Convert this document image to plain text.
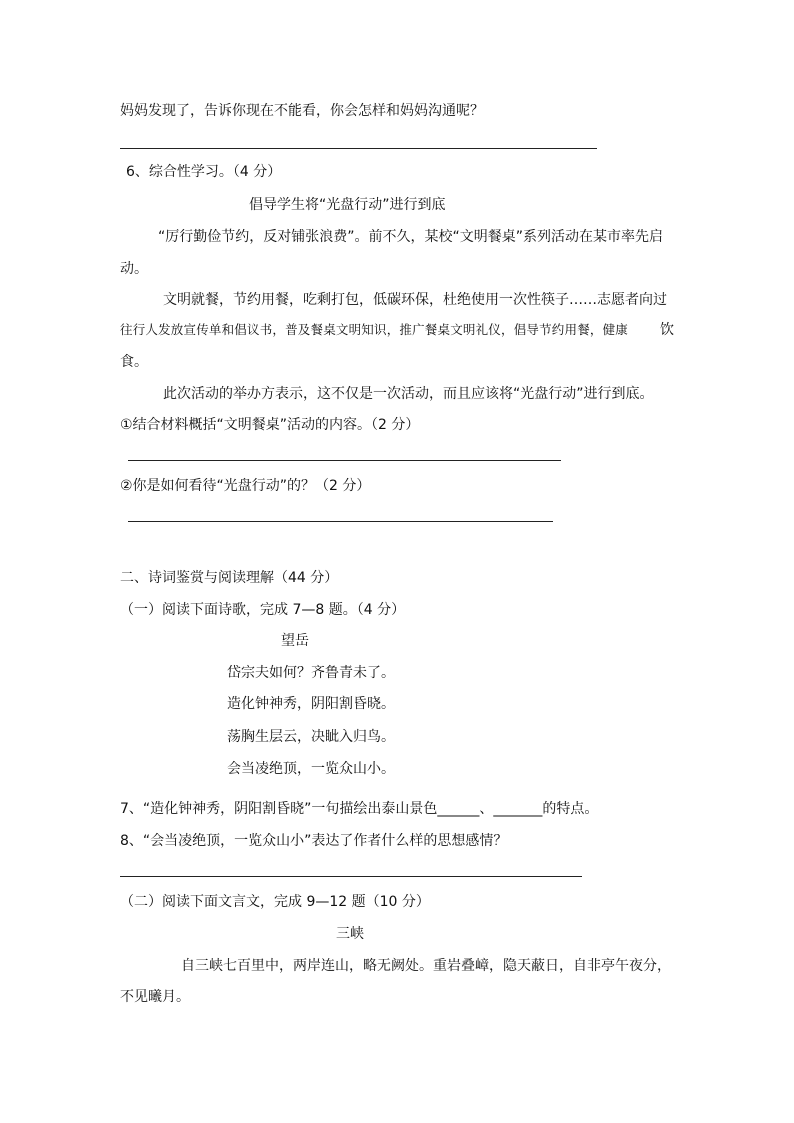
妈妈发现了，告诉你现在不能看，你会怎样和妈妈沟通呢？
6、综合性学习。（4 分）
倡导学生将“光盘行动”进行到底
“厉行勤俭节约，反对铺张浪费”。前不久，某校“文明餐桌”系列活动在某市率先启
动。
文明就餐，节约用餐，吃剩打包，低碳环保，杜绝使用一次性筷子……志愿者向过
往行人发放宣传单和倡议书，普及餐桌文明知识，推广餐桌文明礼仪，倡导节约用餐，健康 饮
食。
此次活动的举办方表示，这不仅是一次活动，而且应该将“光盘行动”进行到底。
①结合材料概括“文明餐桌”活动的内容。（2 分）
②你是如何看待“光盘行动”的？（2 分）
二、诗词鉴赏与阅读理解（44 分）
（一）阅读下面诗歌，完成 7—8 题。（4 分）
望岳
岱宗夫如何？齐鲁青未了。
造化钟神秀，阴阳割昏晓。
荡胸生层云，决眦入归鸟。
会当凌绝顶，一览众山小。
7、“造化钟神秀，阴阳割昏晓”一句描绘出泰山景色______、_______的特点。
8、“会当凌绝顶，一览众山小”表达了作者什么样的思想感情？
（二）阅读下面文言文，完成 9—12 题（10 分）
三峡
自三峡七百里中，两岸连山，略无阙处。重岩叠嶂，隐天蔽日，自非亭午夜分，
不见曦月。
